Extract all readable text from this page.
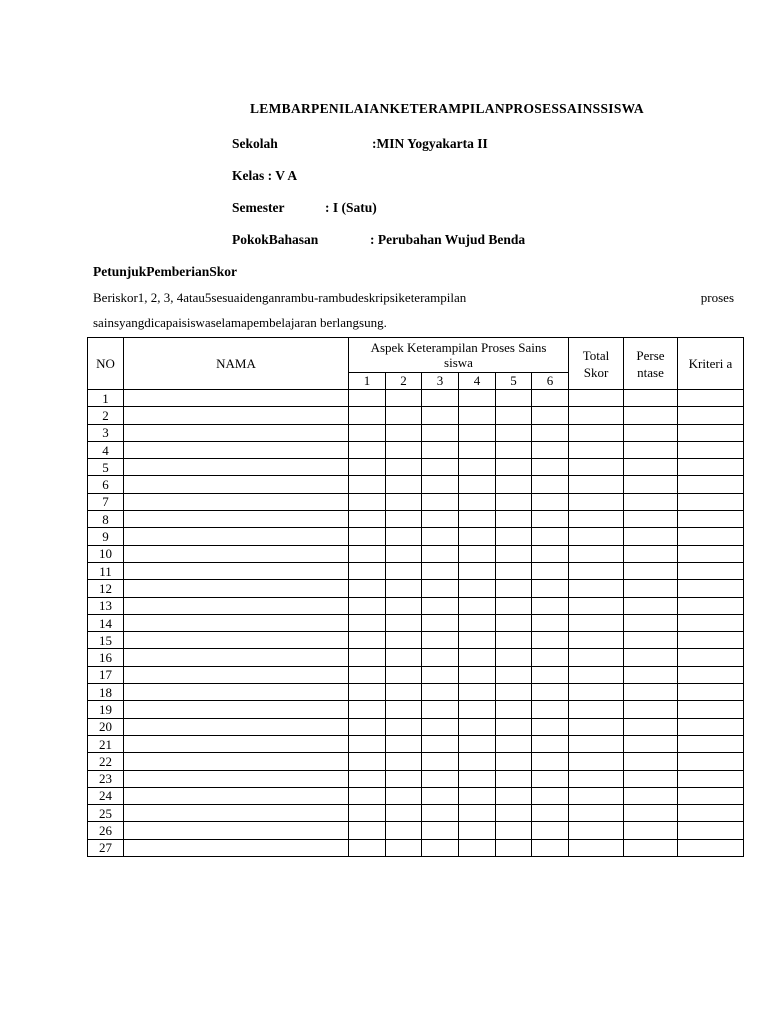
LEMBARPENILAIANKETERAMPILANPROSESSAINSSISWA
Sekolah	:MIN Yogyakarta II
Kelas : V A
Semester	: I (Satu)
PokokBahasan	: Perubahan Wujud Benda
PetunjukPemberianSkor
Beriskor1, 2, 3, 4atau5sesuaidenganrambu-rambudeskripsiketerampilan	proses
sainsyangdicapaisiswaselamapembelajaran berlangsung.
NO	NAMA	Aspek Keterampilan Proses Sains siswa						Total Skor	Perse ntase	Kriteri a
		1	2	3	4	5	6			
1										
2										
3										
4										
5										
6										
7										
8										
9										
10										
11										
12										
13										
14										
15										
16										
17										
18										
19										
20										
21										
22										
23										
24										
25										
26										
27										
